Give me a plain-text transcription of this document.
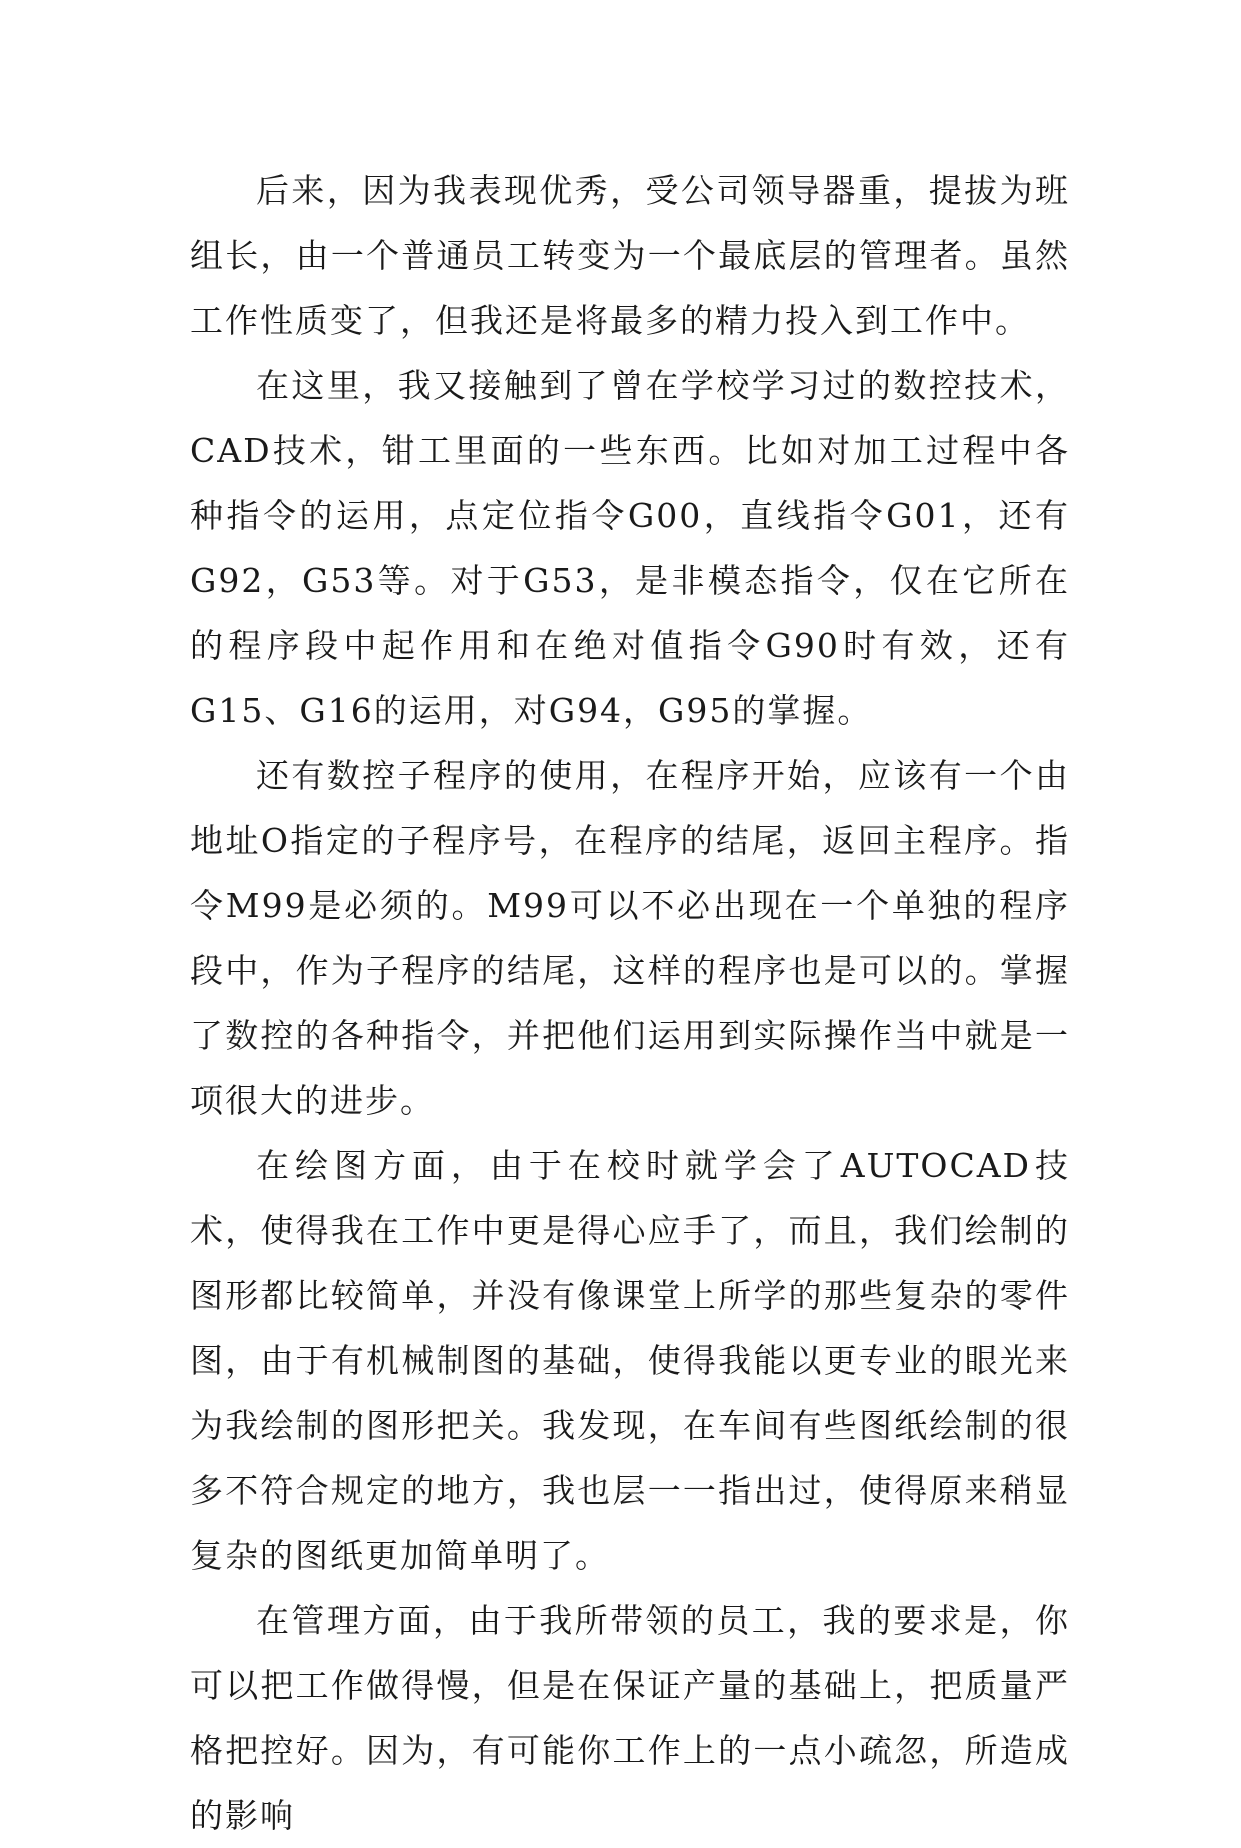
后来，因为我表现优秀，受公司领导器重，提拔为班组长，由一个普通员工转变为一个最底层的管理者。虽然工作性质变了，但我还是将最多的精力投入到工作中。

在这里，我又接触到了曾在学校学习过的数控技术，CAD技术，钳工里面的一些东西。比如对加工过程中各种指令的运用，点定位指令G00，直线指令G01，还有G92，G53等。对于G53，是非模态指令，仅在它所在的程序段中起作用和在绝对值指令G90时有效，还有G15、G16的运用，对G94，G95的掌握。

还有数控子程序的使用，在程序开始，应该有一个由地址O指定的子程序号，在程序的结尾，返回主程序。指令M99是必须的。M99可以不必出现在一个单独的程序段中，作为子程序的结尾，这样的程序也是可以的。掌握了数控的各种指令，并把他们运用到实际操作当中就是一项很大的进步。

在绘图方面，由于在校时就学会了AUTOCAD技术，使得我在工作中更是得心应手了，而且，我们绘制的图形都比较简单，并没有像课堂上所学的那些复杂的零件图，由于有机械制图的基础，使得我能以更专业的眼光来为我绘制的图形把关。我发现，在车间有些图纸绘制的很多不符合规定的地方，我也层一一指出过，使得原来稍显复杂的图纸更加简单明了。

在管理方面，由于我所带领的员工，我的要求是，你可以把工作做得慢，但是在保证产量的基础上，把质量严格把控好。因为，有可能你工作上的一点小疏忽，所造成的影响
